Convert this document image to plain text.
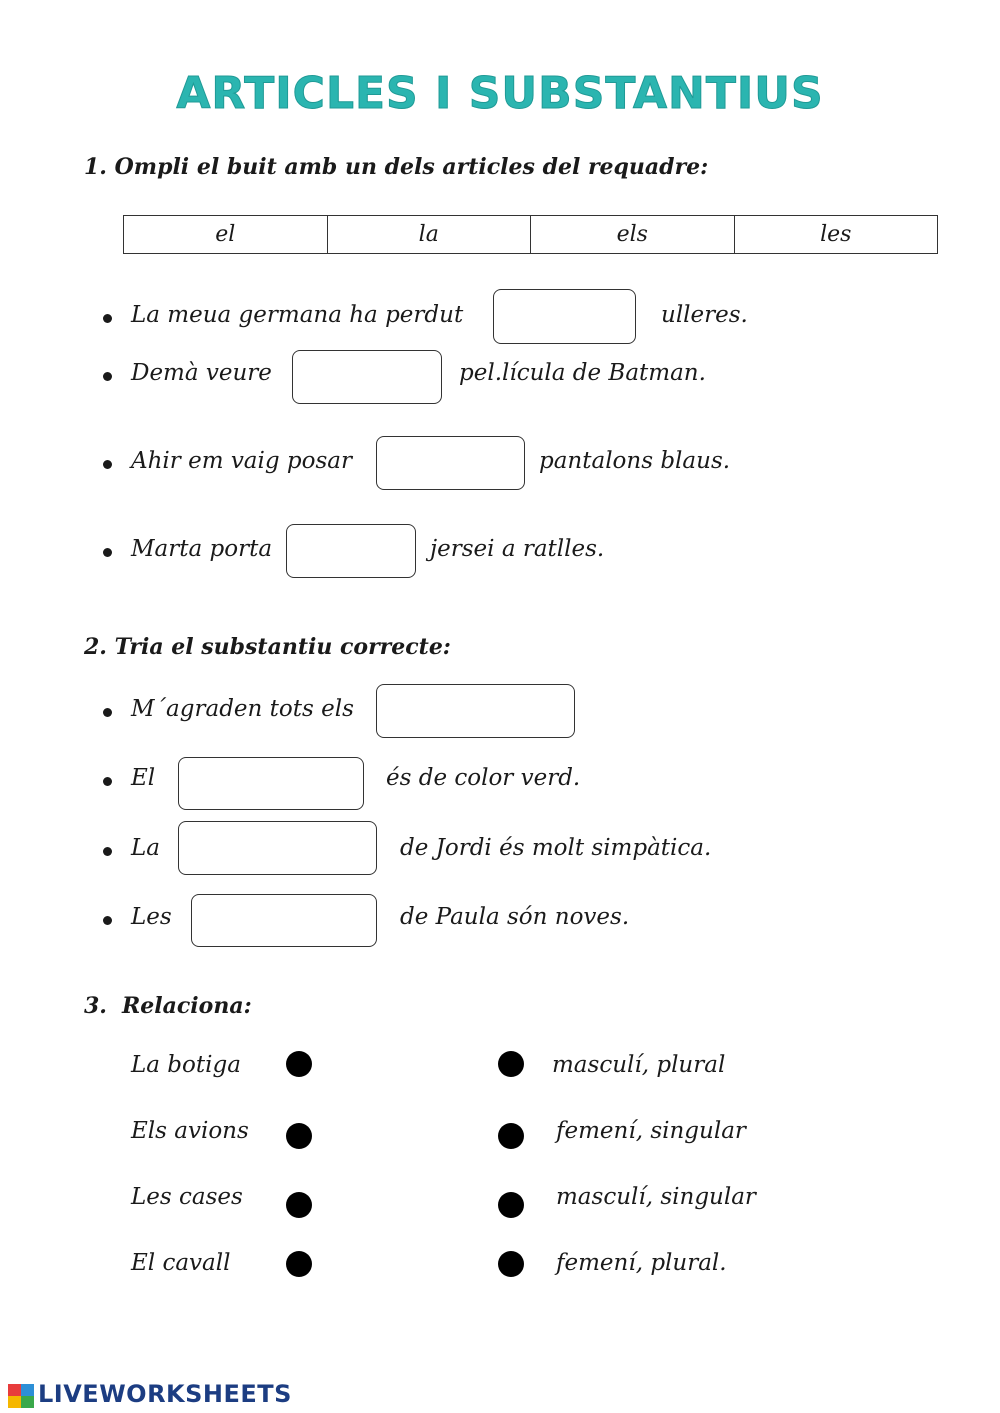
ARTICLES I SUBSTANTIUS
1. Ompli el buit amb un dels articles del requadre:
el	la	els	les
La meua germana ha perdut	ulleres.
Demà veure	pel.lícula de Batman.
Ahir em vaig posar	pantalons blaus.
Marta porta	jersei a ratlles.
2. Tria el substantiu correcte:
M´agraden tots els
El	és de color verd.
La	de Jordi és molt simpàtica.
Les	de Paula són noves.
3. Relaciona:
La botiga	masculí, plural
Els avions	femení, singular
Les cases	masculí, singular
El cavall	femení, plural.
LIVEWORKSHEETS
